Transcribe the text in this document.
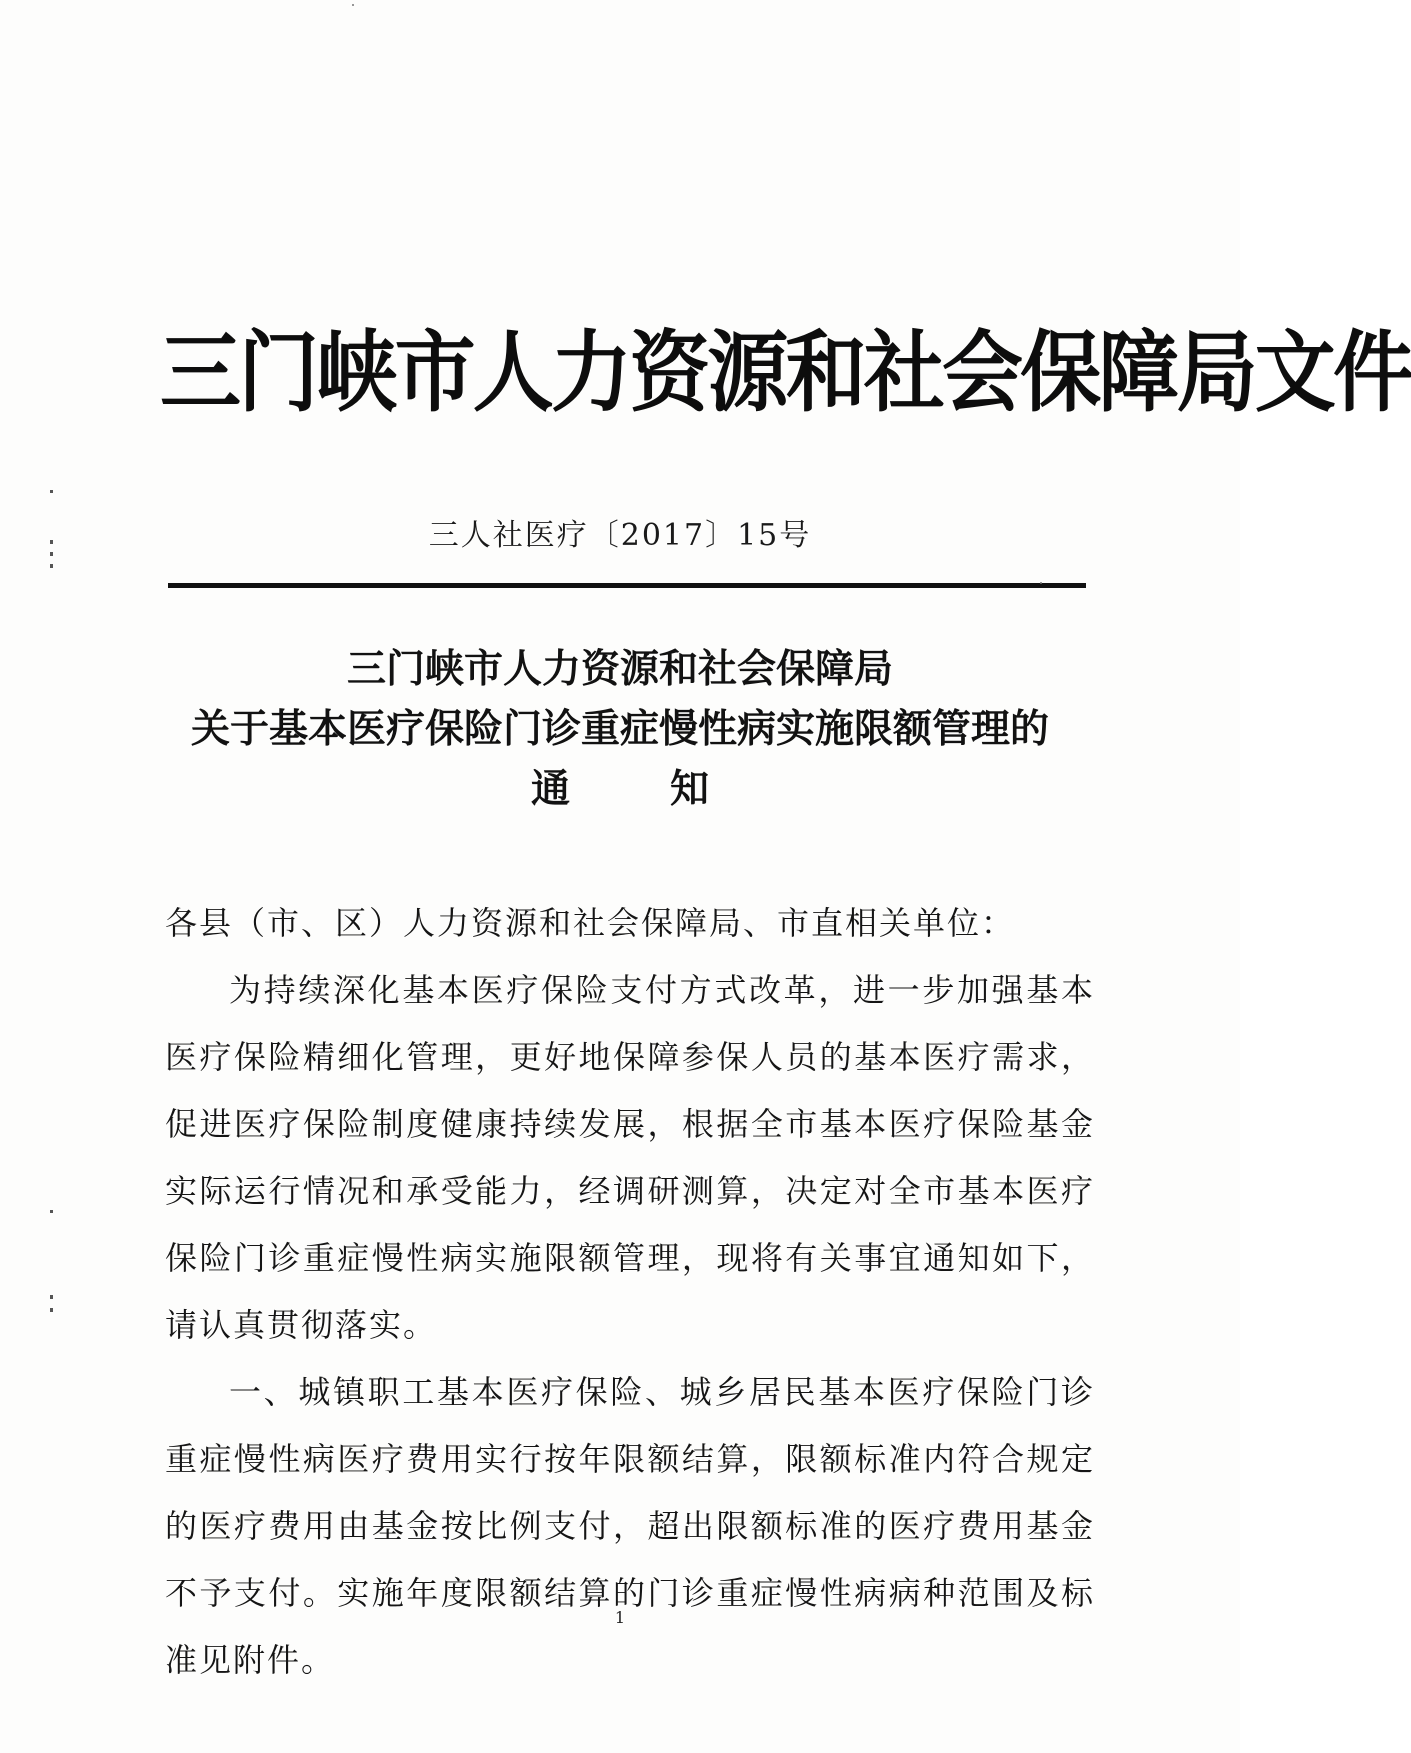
三门峡市人力资源和社会保障局文件
三人社医疗〔2017〕15号
三门峡市人力资源和社会保障局
关于基本医疗保险门诊重症慢性病实施限额管理的
通知
各县（市、区）人力资源和社会保障局、市直相关单位：

为持续深化基本医疗保险支付方式改革，进一步加强基本医疗保险精细化管理，更好地保障参保人员的基本医疗需求，促进医疗保险制度健康持续发展，根据全市基本医疗保险基金实际运行情况和承受能力，经调研测算，决定对全市基本医疗保险门诊重症慢性病实施限额管理，现将有关事宜通知如下，请认真贯彻落实。

一、城镇职工基本医疗保险、城乡居民基本医疗保险门诊重症慢性病医疗费用实行按年限额结算，限额标准内符合规定的医疗费用由基金按比例支付，超出限额标准的医疗费用基金不予支付。实施年度限额结算的门诊重症慢性病病种范围及标准见附件。

1
